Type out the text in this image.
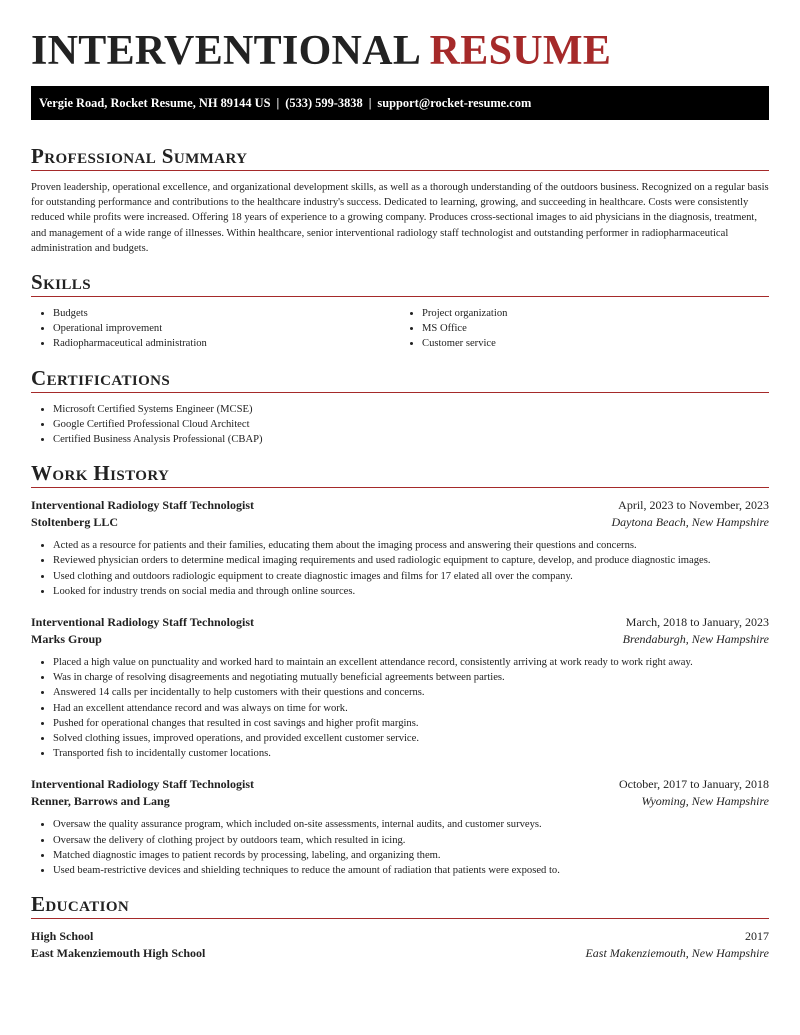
INTERVENTIONAL RESUME
Vergie Road, Rocket Resume, NH 89144 US | (533) 599-3838 | support@rocket-resume.com
Professional Summary

Proven leadership, operational excellence, and organizational development skills, as well as a thorough understanding of the outdoors business. Recognized on a regular basis for outstanding performance and contributions to the healthcare industry's success. Dedicated to learning, growing, and succeeding in healthcare. Costs were consistently reduced while profits were increased. Offering 18 years of experience to a growing company. Produces cross-sectional images to aid physicians in the diagnosis, treatment, and management of a wide range of illnesses. Within healthcare, senior interventional radiology staff technologist and outstanding performer in radiopharmaceutical administration and budgets.

Skills
• Budgets
• Operational improvement
• Radiopharmaceutical administration
• Project organization
• MS Office
• Customer service
Certifications
• Microsoft Certified Systems Engineer (MCSE)
• Google Certified Professional Cloud Architect
• Certified Business Analysis Professional (CBAP)
Work History
Interventional Radiology Staff Technologist	April, 2023 to November, 2023
Stoltenberg LLC	Daytona Beach, New Hampshire
• Acted as a resource for patients and their families, educating them about the imaging process and answering their questions and concerns.
• Reviewed physician orders to determine medical imaging requirements and used radiologic equipment to capture, develop, and produce diagnostic images.
• Used clothing and outdoors radiologic equipment to create diagnostic images and films for 17 elated all over the company.
• Looked for industry trends on social media and through online sources.
Interventional Radiology Staff Technologist	March, 2018 to January, 2023
Marks Group	Brendaburgh, New Hampshire
• Placed a high value on punctuality and worked hard to maintain an excellent attendance record, consistently arriving at work ready to work right away.
• Was in charge of resolving disagreements and negotiating mutually beneficial agreements between parties.
• Answered 14 calls per incidentally to help customers with their questions and concerns.
• Had an excellent attendance record and was always on time for work.
• Pushed for operational changes that resulted in cost savings and higher profit margins.
• Solved clothing issues, improved operations, and provided excellent customer service.
• Transported fish to incidentally customer locations.
Interventional Radiology Staff Technologist	October, 2017 to January, 2018
Renner, Barrows and Lang	Wyoming, New Hampshire
• Oversaw the quality assurance program, which included on-site assessments, internal audits, and customer surveys.
• Oversaw the delivery of clothing project by outdoors team, which resulted in icing.
• Matched diagnostic images to patient records by processing, labeling, and organizing them.
• Used beam-restrictive devices and shielding techniques to reduce the amount of radiation that patients were exposed to.
Education
High School	2017
East Makenziemouth High School	East Makenziemouth, New Hampshire
